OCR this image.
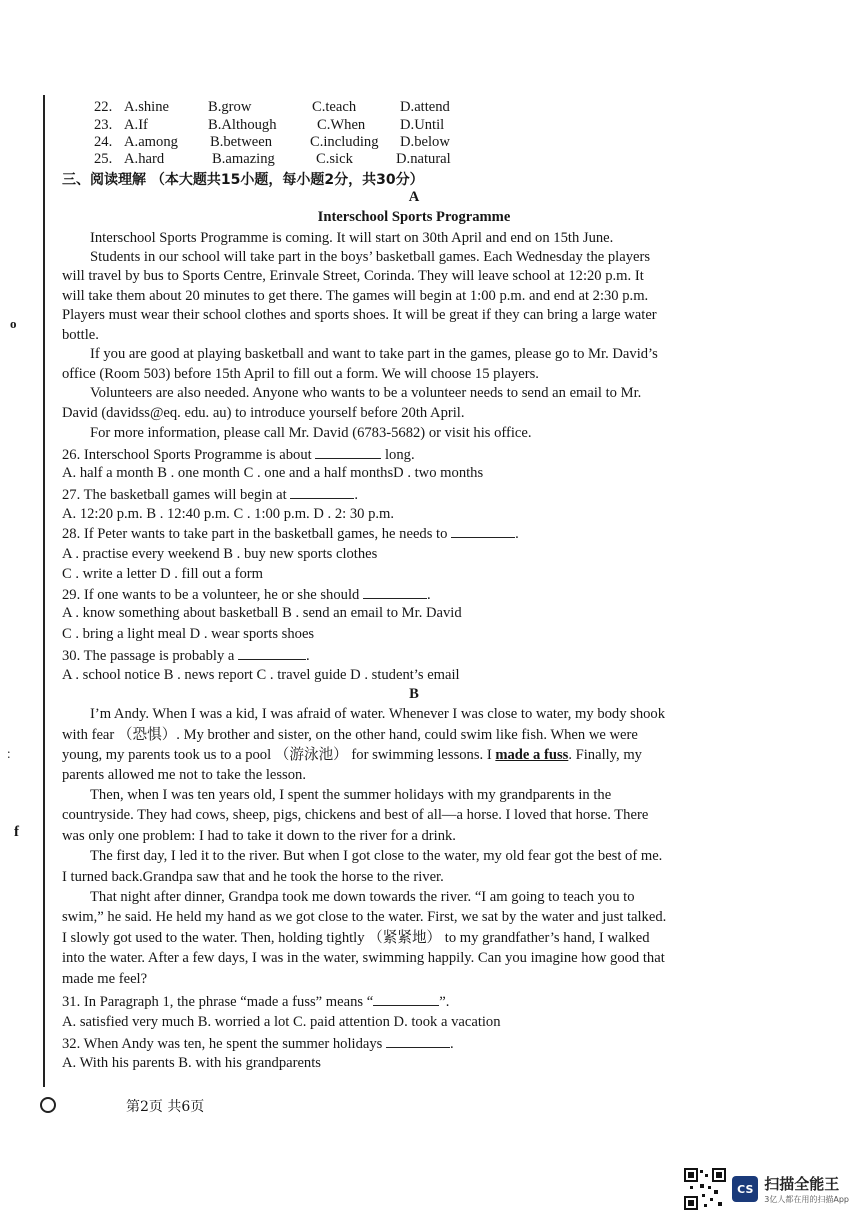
o
：
f
22. A.shine	B.grow	C.teach	D.attend
23. A.If	B.Although	C.When D.Until
24. A.among B.between	C.including D.below
25. A.hard	B.amazing	C.sick	D.natural
三、阅读理解 （本大题共15小题，每小题2分，共30分）
A
Interschool Sports Programme
Interschool Sports Programme is coming. It will start on 30th April and end on 15th June.
Students in our school will take part in the boys’ basketball games. Each Wednesday the players
will travel by bus to Sports Centre, Erinvale Street, Corinda. They will leave school at 12:20 p.m. It
will take them about 20 minutes to get there. The games will begin at 1:00 p.m. and end at 2:30 p.m.
Players must wear their school clothes and sports shoes. It will be great if they can bring a large water
bottle.
If you are good at playing basketball and want to take part in the games, please go to Mr. David’s
office (Room 503) before 15th April to fill out a form. We will choose 15 players.
Volunteers are also needed. Anyone who wants to be a volunteer needs to send an email to Mr.
David (davidss@eq. edu. au) to introduce yourself before 20th April.
For more information, please call Mr. David (6783-5682) or visit his office.
26. Interschool Sports Programme is about	long.
A. half a month B . one month C . one and a half monthsD . two months
27. The basketball games will begin at	.
A. 12:20 p.m. B . 12:40 p.m. C . 1:00 p.m. D . 2: 30 p.m.
28. If Peter wants to take part in the basketball games, he needs to	.
A . practise every weekend B . buy new sports clothes
C . write a letter D . fill out a form
29. If one wants to be a volunteer, he or she should	.
A . know something about basketball B . send an email to Mr. David
C . bring a light meal D . wear sports shoes
30. The passage is probably a	.
A . school notice B . news report C . travel guide D . student’s email
B
I’m Andy. When I was a kid, I was afraid of water. Whenever I was close to water, my body shook
with fear （恐惧）. My brother and sister, on the other hand, could swim like fish. When we were
young, my parents took us to a pool （游泳池） for swimming lessons. I made a fuss. Finally, my
parents allowed me not to take the lesson.
Then, when I was ten years old, I spent the summer holidays with my grandparents in the
countryside. They had cows, sheep, pigs, chickens and best of all—a horse. I loved that horse. There
was only one problem: I had to take it down to the river for a drink.
The first day, I led it to the river. But when I got close to the water, my old fear got the best of me.
I turned back.Grandpa saw that and he took the horse to the river.
That night after dinner, Grandpa took me down towards the river. “I am going to teach you to
swim,” he said. He held my hand as we got close to the water. First, we sat by the water and just talked.
I slowly got used to the water. Then, holding tightly （紧紧地） to my grandfather’s hand, I walked
into the water. After a few days, I was in the water, swimming happily. Can you imagine how good that
made me feel?
31. In Paragraph 1, the phrase “made a fuss” means “	”.
A. satisfied very much B. worried a lot C. paid attention D. took a vacation
32. When Andy was ten, he spent the summer holidays	.
A. With his parents B. with his grandparents
第2页 共6页
CS 扫描全能王
3亿人都在用的扫描App
